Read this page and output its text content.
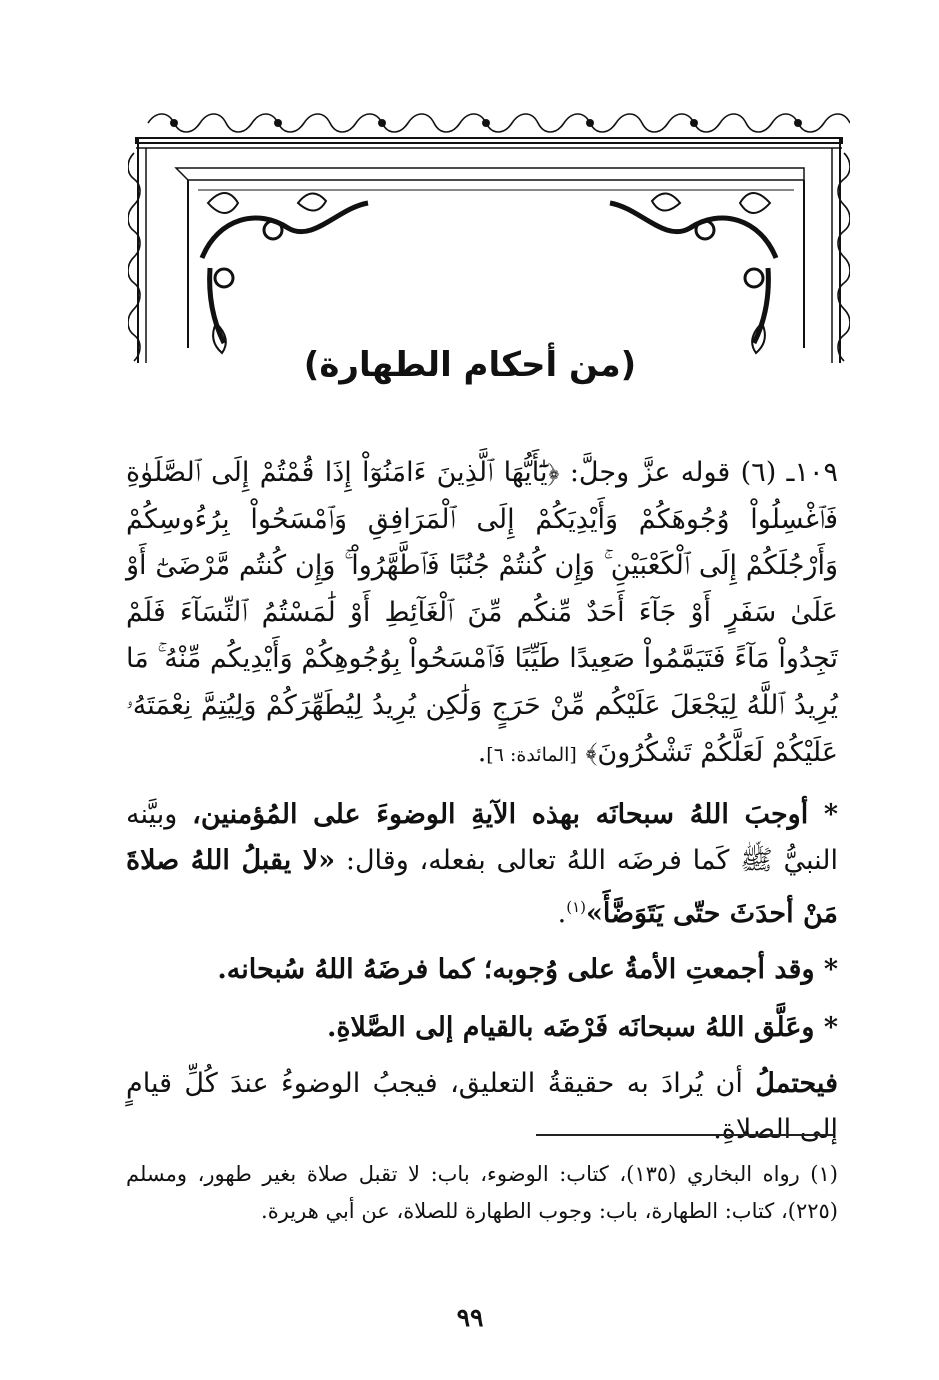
(من أحكام الطهارة)

١٠٩ـ (٦) قوله عزَّ وجلَّ: ﴿يَٰٓأَيُّهَا ٱلَّذِينَ ءَامَنُوٓاْ إِذَا قُمْتُمْ إِلَى ٱلصَّلَوٰةِ فَٱغْسِلُواْ وُجُوهَكُمْ وَأَيْدِيَكُمْ إِلَى ٱلْمَرَافِقِ وَٱمْسَحُواْ بِرُءُوسِكُمْ وَأَرْجُلَكُمْ إِلَى ٱلْكَعْبَيْنِ ۚ وَإِن كُنتُمْ جُنُبًا فَٱطَّهَّرُواْ ۚ وَإِن كُنتُم مَّرْضَىٰٓ أَوْ عَلَىٰ سَفَرٍ أَوْ جَآءَ أَحَدٌ مِّنكُم مِّنَ ٱلْغَآئِطِ أَوْ لَٰمَسْتُمُ ٱلنِّسَآءَ فَلَمْ تَجِدُواْ مَآءً فَتَيَمَّمُواْ صَعِيدًا طَيِّبًا فَٱمْسَحُواْ بِوُجُوهِكُمْ وَأَيْدِيكُم مِّنْهُ ۚ مَا يُرِيدُ ٱللَّهُ لِيَجْعَلَ عَلَيْكُم مِّنْ حَرَجٍ وَلَٰكِن يُرِيدُ لِيُطَهِّرَكُمْ وَلِيُتِمَّ نِعْمَتَهُۥ عَلَيْكُمْ لَعَلَّكُمْ تَشْكُرُونَ﴾ [المائدة: ٦].

* أوجبَ اللهُ سبحانَه بهذه الآيةِ الوضوءَ على المُؤمنين، وبيَّنه النبيُّ ﷺ كَما فرضَه اللهُ تعالى بفعله، وقال: «لا يقبلُ اللهُ صلاةَ مَنْ أحدَثَ حتّى يَتَوَضَّأَ»$^{(١)}$.

* وقد أجمعتِ الأمةُ على وُجوبه؛ كما فرضَهُ اللهُ سُبحانه.

* وعَلَّق اللهُ سبحانَه فَرْضَه بالقيام إلى الصَّلاةِ.

فيحتملُ أن يُرادَ به حقيقةُ التعليق، فيجبُ الوضوءُ عندَ كُلِّ قيامٍ إلى الصلاةِ.

(١) رواه البخاري (١٣٥)، كتاب: الوضوء، باب: لا تقبل صلاة بغير طهور، ومسلم (٢٢٥)، كتاب: الطهارة، باب: وجوب الطهارة للصلاة، عن أبي هريرة.
٩٩
